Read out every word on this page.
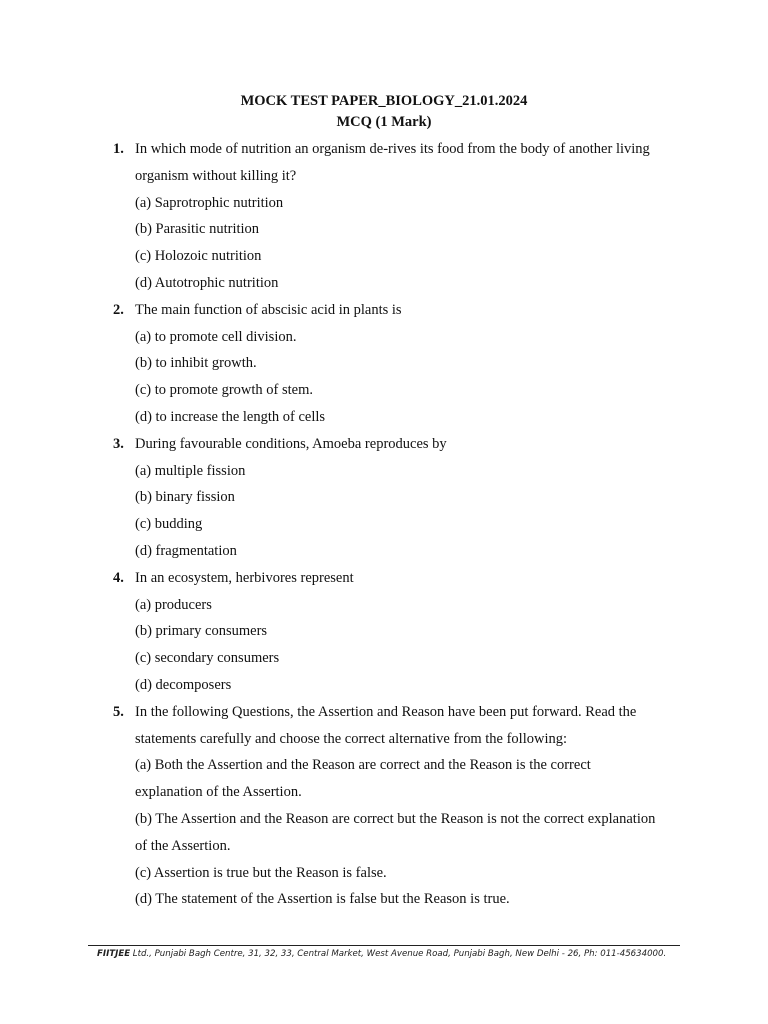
MOCK TEST PAPER_BIOLOGY_21.01.2024
MCQ (1 Mark)
1. In which mode of nutrition an organism de-rives its food from the body of another living
organism without killing it?
(a) Saprotrophic nutrition
(b) Parasitic nutrition
(c) Holozoic nutrition
(d) Autotrophic nutrition
2. The main function of abscisic acid in plants is
(a) to promote cell division.
(b) to inhibit growth.
(c) to promote growth of stem.
(d) to increase the length of cells
3. During favourable conditions, Amoeba reproduces by
(a) multiple fission
(b) binary fission
(c) budding
(d) fragmentation
4. In an ecosystem, herbivores represent
(a) producers
(b) primary consumers
(c) secondary consumers
(d) decomposers
5. In the following Questions, the Assertion and Reason have been put forward. Read the
statements carefully and choose the correct alternative from the following:
(a) Both the Assertion and the Reason are correct and the Reason is the correct
explanation of the Assertion.
(b) The Assertion and the Reason are correct but the Reason is not the correct explanation
of the Assertion.
(c) Assertion is true but the Reason is false.
(d) The statement of the Assertion is false but the Reason is true.
FIITJEE Ltd., Punjabi Bagh Centre, 31, 32, 33, Central Market, West Avenue Road, Punjabi Bagh, New Delhi - 26, Ph: 011-45634000.
